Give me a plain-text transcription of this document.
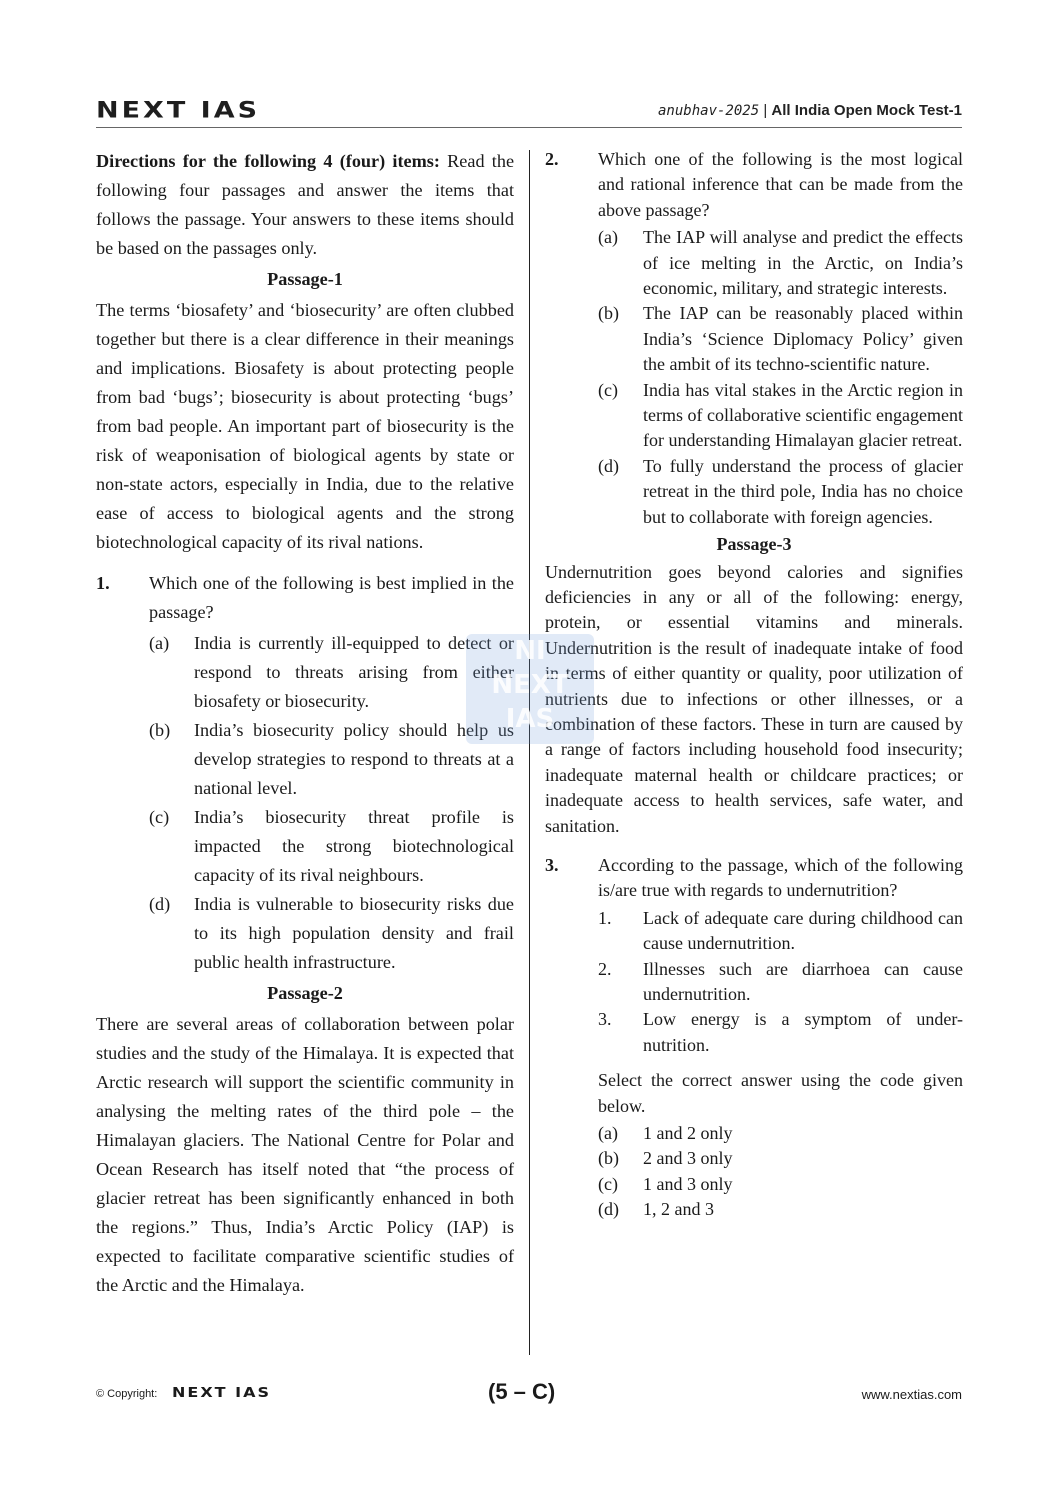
NEXT IAS	anubhav-2025 | All India Open Mock Test-1

Directions for the following 4 (four) items: Read the following four passages and answer the items that follows the passage. Your answers to these items should be based on the passages only.

Passage-1

The terms ‘biosafety’ and ‘biosecurity’ are often clubbed together but there is a clear difference in their meanings and implications. Biosafety is about protecting people from bad ‘bugs’; biosecurity is about protecting ‘bugs’ from bad people. An important part of biosecurity is the risk of weaponisation of biological agents by state or non-state actors, especially in India, due to the relative ease of access to biological agents and the strong biotechnological capacity of its rival nations.

1.	Which one of the following is best implied in the passage?
(a)	India is currently ill-equipped to detect or respond to threats arising from either biosafety or biosecurity.
(b)	India’s biosecurity policy should help us develop strategies to respond to threats at a national level.
(c)	India’s biosecurity threat profile is impacted the strong biotechnological capacity of its rival neighbours.
(d)	India is vulnerable to biosecurity risks due to its high population density and frail public health infrastructure.
Passage-2

There are several areas of collaboration between polar studies and the study of the Himalaya. It is expected that Arctic research will support the scientific community in analysing the melting rates of the third pole – the Himalayan glaciers. The National Centre for Polar and Ocean Research has itself noted that “the process of glacier retreat has been significantly enhanced in both the regions.” Thus, India’s Arctic Policy (IAP) is expected to facilitate comparative scientific studies of the Arctic and the Himalaya.

2.	Which one of the following is the most logical and rational inference that can be made from the above passage?
(a)	The IAP will analyse and predict the effects of ice melting in the Arctic, on India’s economic, military, and strategic interests.
(b)	The IAP can be reasonably placed within India’s ‘Science Diplomacy Policy’ given the ambit of its techno-scientific nature.
(c)	India has vital stakes in the Arctic region in terms of collaborative scientific engagement for understanding Himalayan glacier retreat.
(d)	To fully understand the process of glacier retreat in the third pole, India has no choice but to collaborate with foreign agencies.
Passage-3

Undernutrition goes beyond calories and signifies deficiencies in any or all of the following: energy, protein, or essential vitamins and minerals. Undernutrition is the result of inadequate intake of food in terms of either quantity or quality, poor utilization of nutrients due to infections or other illnesses, or a combination of these factors. These in turn are caused by a range of factors including household food insecurity; inadequate maternal health or childcare practices; or inadequate access to health services, safe water, and sanitation.

3.	According to the passage, which of the following is/are true with regards to undernutrition?
1.	Lack of adequate care during childhood can cause undernutrition.
2.	Illnesses such are diarrhoea can cause undernutrition.
3.	Low energy is a symptom of under-nutrition.
Select the correct answer using the code given below.
(a)	1 and 2 only
(b)	2 and 3 only
(c)	1 and 3 only
(d)	1, 2 and 3
NI
NEXT
IAS
© Copyright: NEXT IAS	(5 – C)	www.nextias.com
